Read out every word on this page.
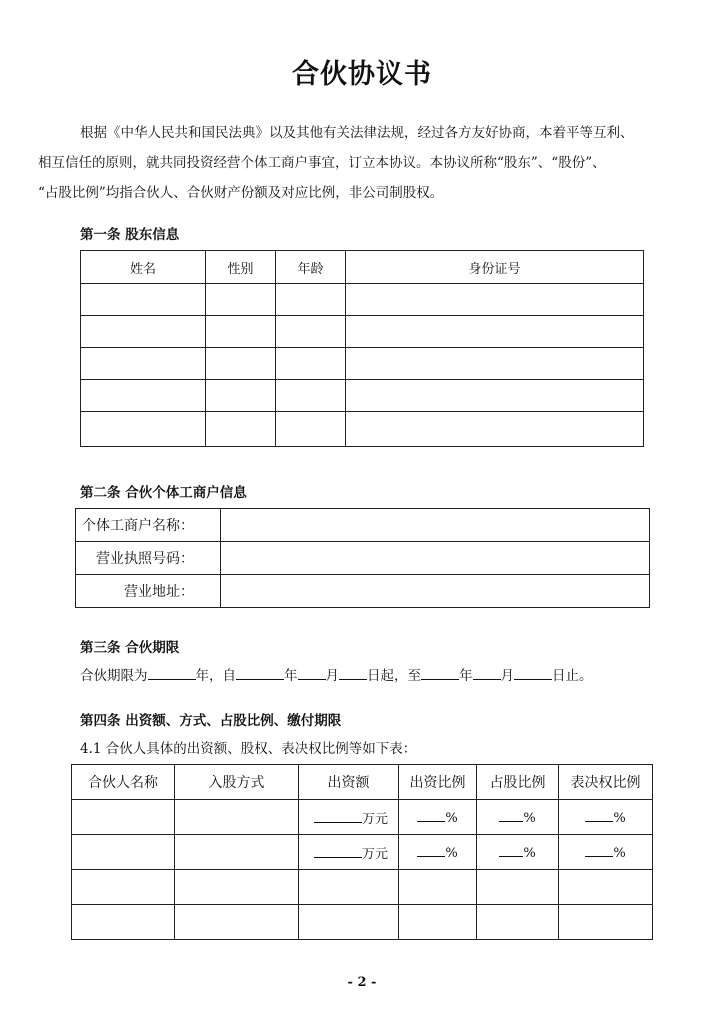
合伙协议书
根据《中华人民共和国民法典》以及其他有关法律法规，经过各方友好协商，本着平等互利、
相互信任的原则，就共同投资经营个体工商户事宜，订立本协议。本协议所称“股东”、“股份”、
“占股比例”均指合伙人、合伙财产份额及对应比例，非公司制股权。
第一条 股东信息
姓名	性别	年龄	身份证号

第二条 合伙个体工商户信息
个体工商户名称：	
营业执照号码：	
营业地址：	
第三条 合伙期限
合伙期限为	年，自	年 月 日起，至	年 月	日止。
第四条 出资额、方式、占股比例、缴付期限
4.1 合伙人具体的出资额、股权、表决权比例等如下表：
合伙人名称	入股方式	出资额	出资比例	占股比例	表决权比例
		万元	%	%	%
		万元	%	%	%

- 2 -
